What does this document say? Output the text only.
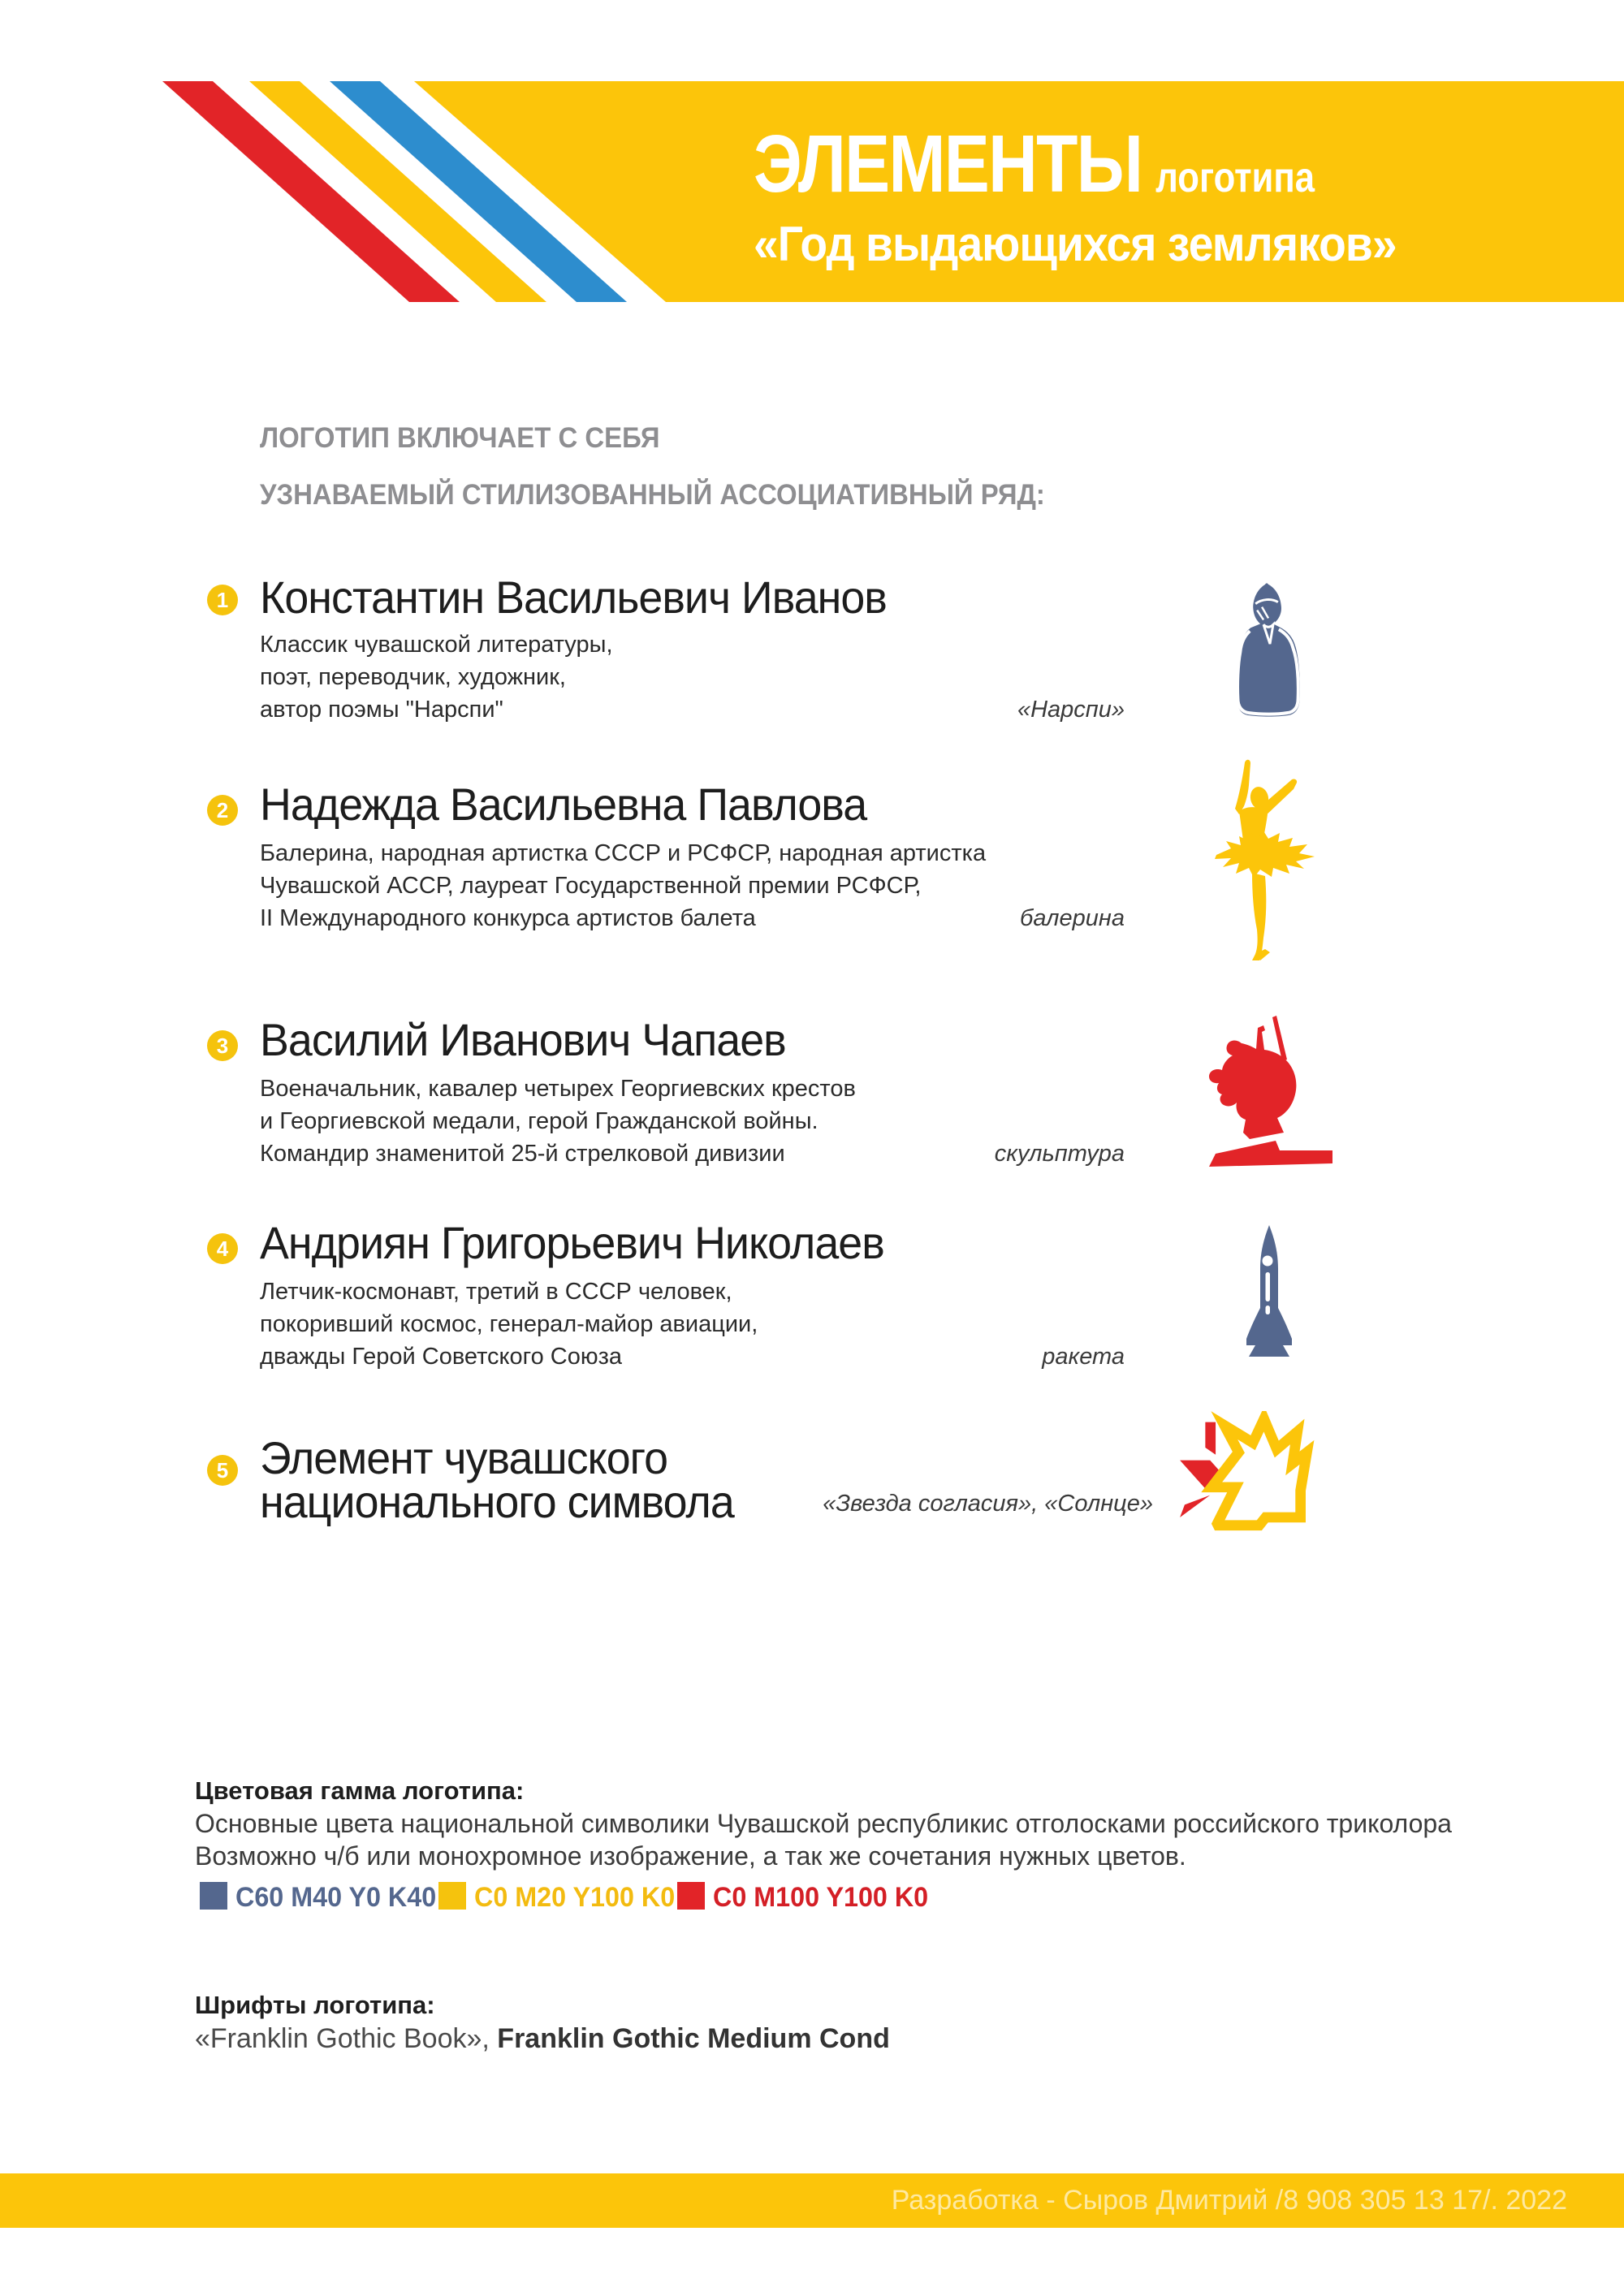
ЭЛЕМЕНТЫ логотипа
«Год выдающихся земляков»
ЛОГОТИП ВКЛЮЧАЕТ С СЕБЯ
УЗНАВАЕМЫЙ СТИЛИЗОВАННЫЙ АССОЦИАТИВНЫЙ РЯД:
1 Константин Васильевич Иванов
Классик чувашской литературы,
поэт, переводчик, художник,
автор поэмы "Нарспи"	«Нарспи»
2 Надежда Васильевна Павлова
Балерина, народная артистка СССР и РСФСР, народная артистка
Чувашской АССР, лауреат Государственной премии РСФСР,
II Международного конкурса артистов балета	балерина
3 Василий Иванович Чапаев
Военачальник, кавалер четырех Георгиевских крестов
и Георгиевской медали, герой Гражданской войны.
Командир знаменитой 25-й стрелковой дивизии	скульптура
4 Андриян Григорьевич Николаев
Летчик-космонавт, третий в СССР человек,
покоривший космос, генерал-майор авиации,
дважды Герой Советского Союза	ракета
5 Элемент чувашского
национального символа	«Звезда согласия», «Солнце»
Цветовая гамма логотипа:
Основные цвета национальной символики Чувашской республикис отголосками российского триколора
Возможно ч/б или монохромное изображение, а так же сочетания нужных цветов.
C60 M40 Y0 K40 C0 M20 Y100 K0 C0 M100 Y100 K0
Шрифты логотипа:
«Franklin Gothic Book», Franklin Gothic Medium Cond
Разработка - Сыров Дмитрий /8 908 305 13 17/. 2022
